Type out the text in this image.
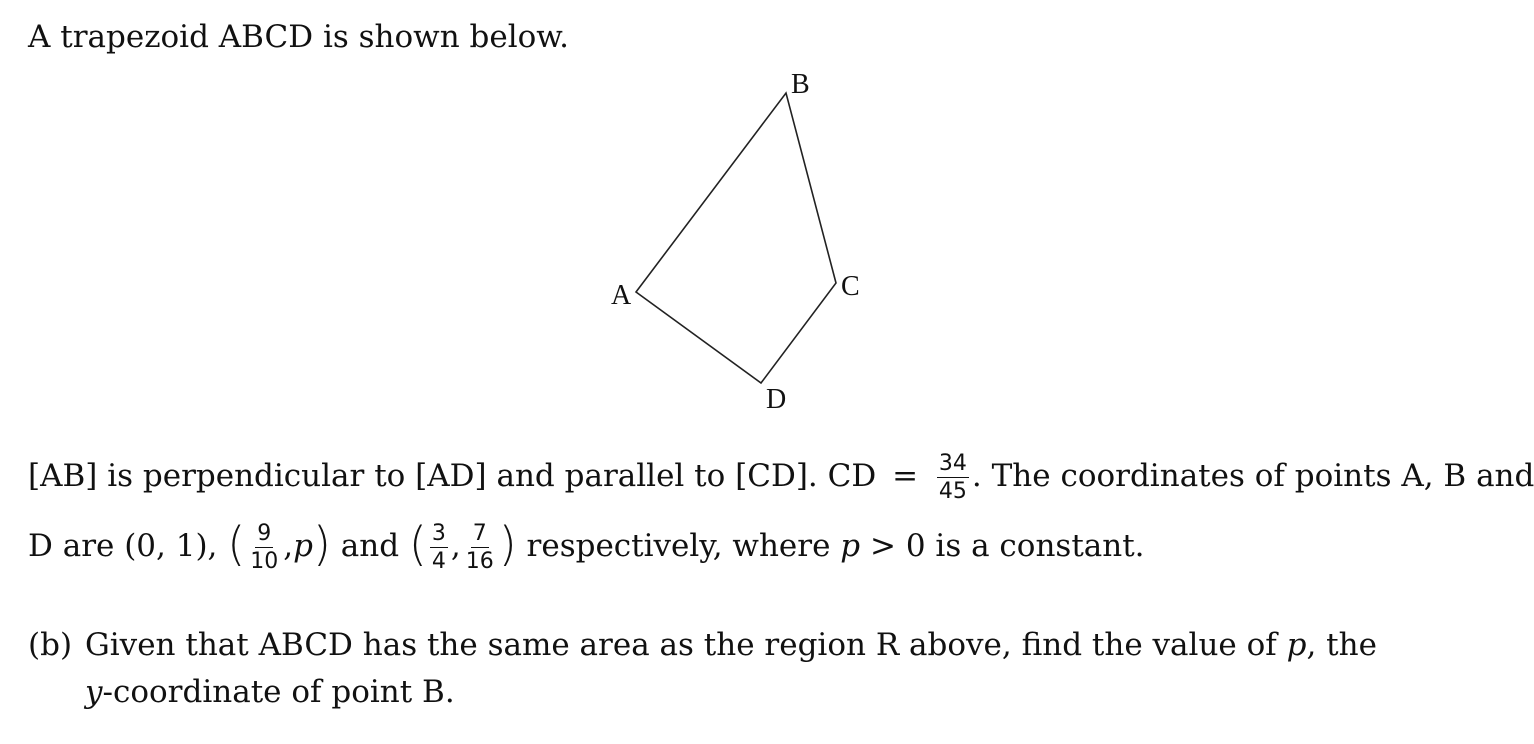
A trapezoid ABCD is shown below.
B
A	C
D
[AB] is perpendicular to [AD] and parallel to [CD]. CD = $\frac{34}{45}$ . The coordinates of points A, B and
D are (0, 1), ( $\frac{9}{10} ,p$) and ( $\frac{3}{4}$ , $\frac{7}{16}$ ) respectively, where p > 0 is a constant.
(b) Given that ABCD has the same area as the region R above, find the value of p, the
y-coordinate of point B.
